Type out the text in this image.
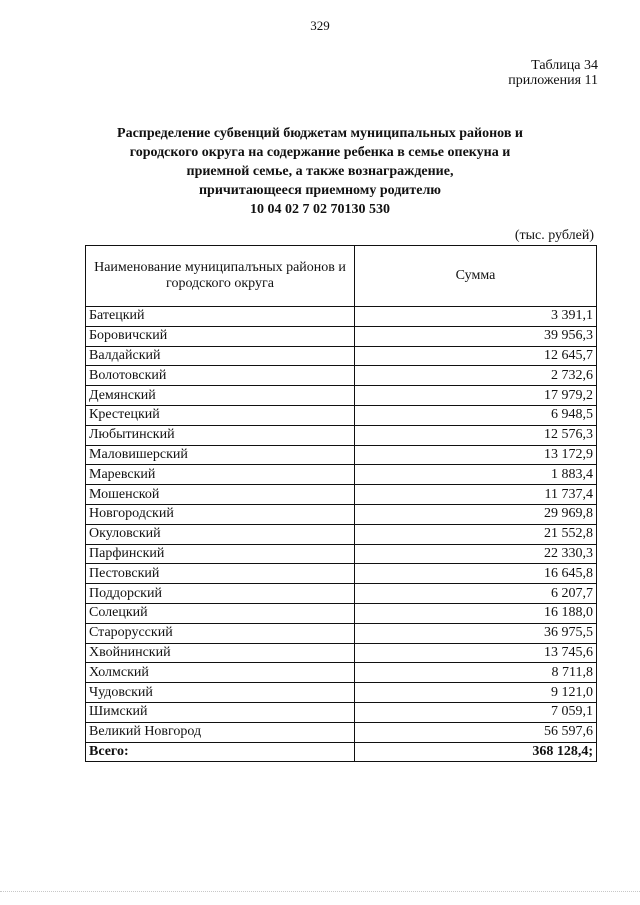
329
Таблица 34
приложения 11
Распределение субвенций бюджетам муниципальных районов и
городского округа на содержание ребенка в семье опекуна и
приемной семье, а также вознаграждение,
причитающееся приемному родителю
10 04 02 7 02 70130 530
(тыс. рублей)
Наименование муниципалъных районов и городского округа	Сумма
Батецкий	3 391,1
Боровичский	39 956,3
Валдайский	12 645,7
Волотовский	2 732,6
Демянский	17 979,2
Крестецкий	6 948,5
Любытинский	12 576,3
Маловишерский	13 172,9
Маревский	1 883,4
Мошенской	11 737,4
Новгородский	29 969,8
Окуловский	21 552,8
Парфинский	22 330,3
Пестовский	16 645,8
Поддорский	6 207,7
Солецкий	16 188,0
Старорусский	36 975,5
Хвойнинский	13 745,6
Холмский	8 711,8
Чудовский	9 121,0
Шимский	7 059,1
Великий Новгород	56 597,6
Всего:	368 128,4;
